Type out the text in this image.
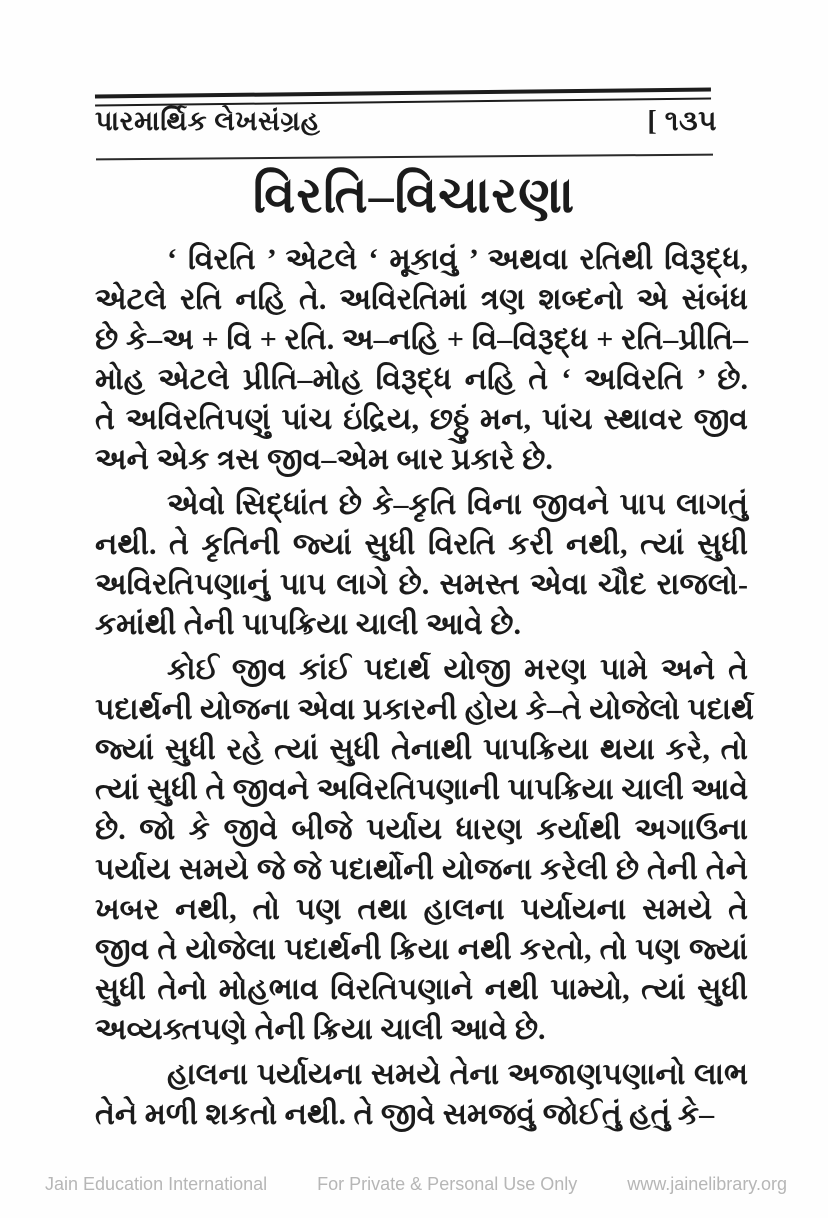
પારમાર્થિક લેખસંગ્રહ	[ ૧૩૫
વિરતિ–વિચારણા
‘ વિરતિ ’ એટલે ‘ મૂકાવું ’ અથવા રતિથી વિરૂદ્ધ,
એટલે રતિ નહિ તે. અવિરતિમાં ત્રણ શબ્દનો એ સંબંધ
છે કે–અ + વિ + રતિ. અ–નહિ + વિ–વિરૂદ્ધ + રતિ–પ્રીતિ–
મોહ એટલે પ્રીતિ–મોહ વિરૂદ્ધ નહિ તે ‘ અવિરતિ ’ છે.
તે અવિરતિપણું પાંચ ઇંદ્રિય, છઠ્ઠું મન, પાંચ સ્થાવર જીવ
અને એક ત્રસ જીવ–એમ બાર પ્રકારે છે.
એવો સિદ્ધાંત છે કે–કૃતિ વિના જીવને પાપ લાગતું
નથી. તે કૃતિની જ્યાં સુધી વિરતિ કરી નથી, ત્યાં સુધી
અવિરતિપણાનું પાપ લાગે છે. સમસ્ત એવા ચૌદ રાજલો-
કમાંથી તેની પાપક્રિયા ચાલી આવે છે.
કોઈ જીવ કાંઈ પદાર્થ યોજી મરણ પામે અને તે
પદાર્થની યોજના એવા પ્રકારની હોય કે–તે યોજેલો પદાર્થ
જ્યાં સુધી રહે ત્યાં સુધી તેનાથી પાપક્રિયા થયા કરે, તો
ત્યાં સુધી તે જીવને અવિરતિપણાની પાપક્રિયા ચાલી આવે
છે. જો કે જીવે બીજે પર્યાય ધારણ કર્યાથી અગાઉના
પર્યાય સમયે જે જે પદાર્થોની યોજના કરેલી છે તેની તેને
ખબર નથી, તો પણ તથા હાલના પર્યાયના સમયે તે
જીવ તે યોજેલા પદાર્થની ક્રિયા નથી કરતો, તો પણ જ્યાં
સુધી તેનો મોહભાવ વિરતિપણાને નથી પામ્યો, ત્યાં સુધી
અવ્યક્તપણે તેની ક્રિયા ચાલી આવે છે.
હાલના પર્યાયના સમયે તેના અજાણપણાનો લાભ
તેને મળી શકતો નથી. તે જીવે સમજવું જોઈતું હતું કે–
Jain Education International	For Private & Personal Use Only	www.jainelibrary.org
